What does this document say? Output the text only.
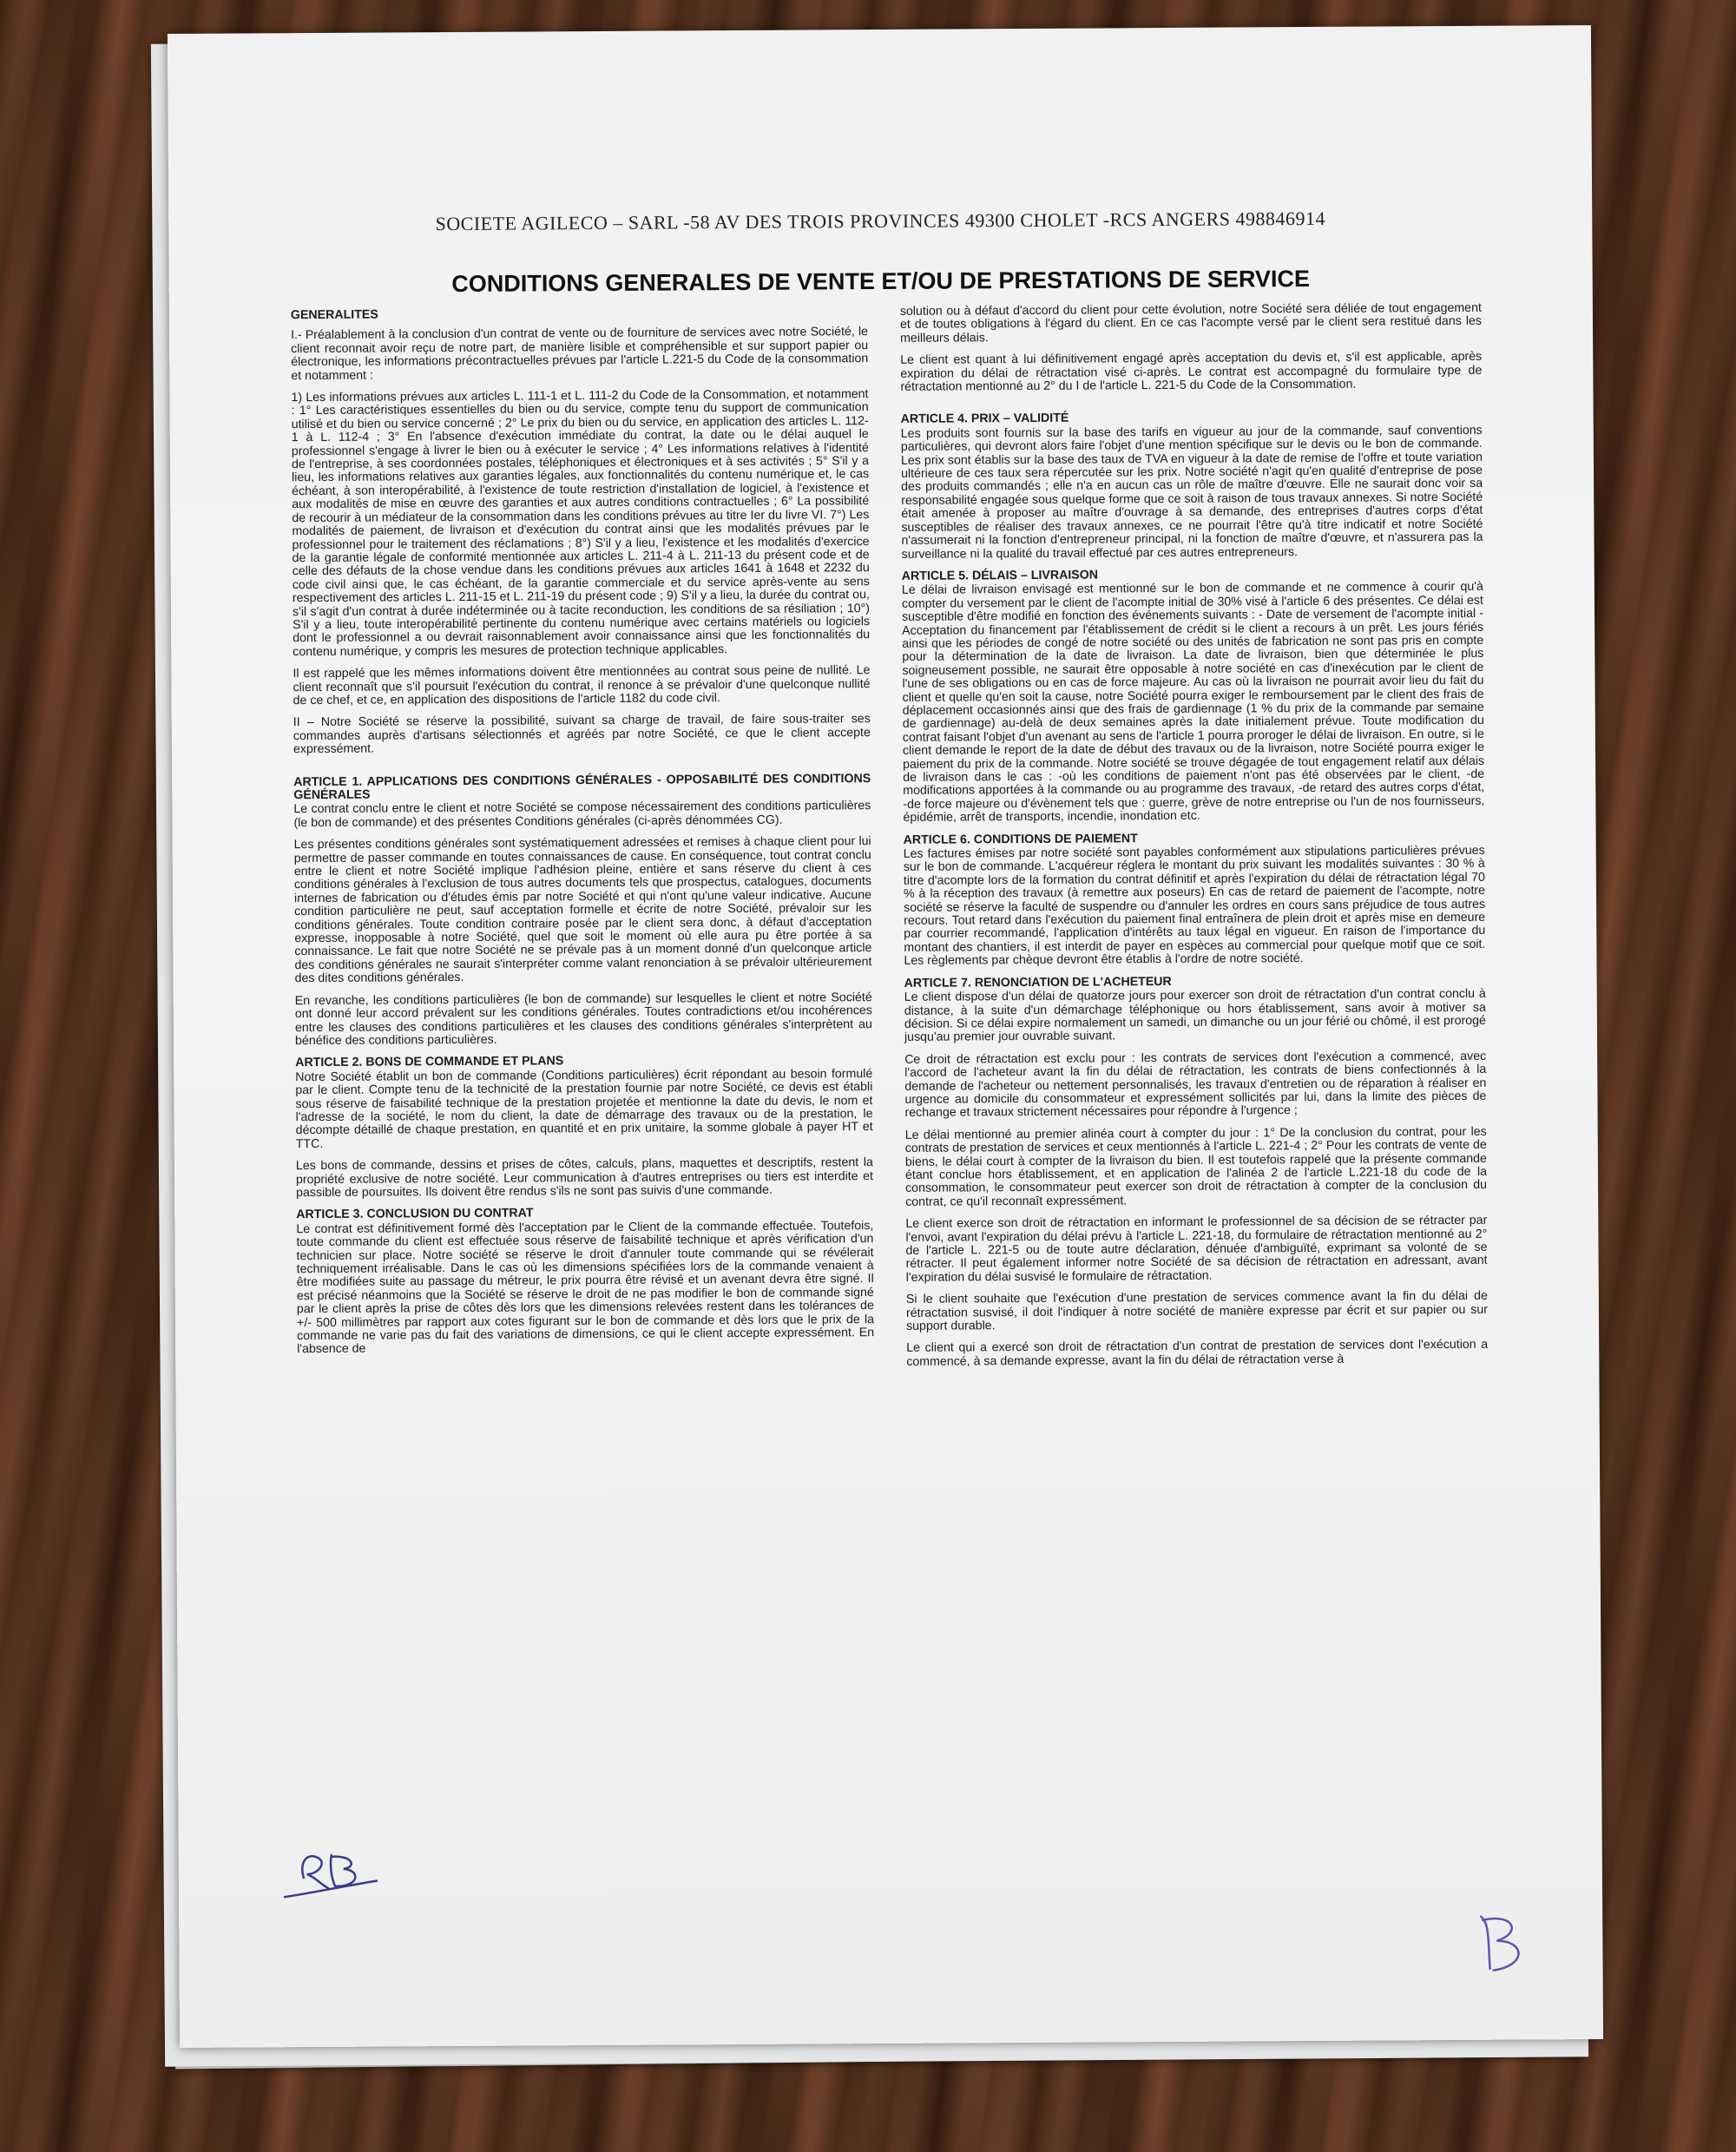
SOCIETE AGILECO – SARL -58 AV DES TROIS PROVINCES 49300 CHOLET -RCS ANGERS 498846914
CONDITIONS GENERALES DE VENTE ET/OU DE PRESTATIONS DE SERVICE
GENERALITES

I.- Préalablement à la conclusion d'un contrat de vente ou de fourniture de services avec notre Société, le client reconnait avoir reçu de notre part, de manière lisible et compréhensible et sur support papier ou électronique, les informations précontractuelles prévues par l'article L.221-5 du Code de la consommation et notamment :

1) Les informations prévues aux articles L. 111-1 et L. 111-2 du Code de la Consommation, et notamment : 1° Les caractéristiques essentielles du bien ou du service, compte tenu du support de communication utilisé et du bien ou service concerné ; 2° Le prix du bien ou du service, en application des articles L. 112-1 à L. 112-4 ; 3° En l'absence d'exécution immédiate du contrat, la date ou le délai auquel le professionnel s'engage à livrer le bien ou à exécuter le service ; 4° Les informations relatives à l'identité de l'entreprise, à ses coordonnées postales, téléphoniques et électroniques et à ses activités ; 5° S'il y a lieu, les informations relatives aux garanties légales, aux fonctionnalités du contenu numérique et, le cas échéant, à son interopérabilité, à l'existence de toute restriction d'installation de logiciel, à l'existence et aux modalités de mise en œuvre des garanties et aux autres conditions contractuelles ; 6° La possibilité de recourir à un médiateur de la consommation dans les conditions prévues au titre Ier du livre VI. 7°) Les modalités de paiement, de livraison et d'exécution du contrat ainsi que les modalités prévues par le professionnel pour le traitement des réclamations ; 8°) S'il y a lieu, l'existence et les modalités d'exercice de la garantie légale de conformité mentionnée aux articles L. 211-4 à L. 211-13 du présent code et de celle des défauts de la chose vendue dans les conditions prévues aux articles 1641 à 1648 et 2232 du code civil ainsi que, le cas échéant, de la garantie commerciale et du service après-vente au sens respectivement des articles L. 211-15 et L. 211-19 du présent code ; 9) S'il y a lieu, la durée du contrat ou, s'il s'agit d'un contrat à durée indéterminée ou à tacite reconduction, les conditions de sa résiliation ; 10°) S'il y a lieu, toute interopérabilité pertinente du contenu numérique avec certains matériels ou logiciels dont le professionnel a ou devrait raisonnablement avoir connaissance ainsi que les fonctionnalités du contenu numérique, y compris les mesures de protection technique applicables.

Il est rappelé que les mêmes informations doivent être mentionnées au contrat sous peine de nullité. Le client reconnaît que s'il poursuit l'exécution du contrat, il renonce à se prévaloir d'une quelconque nullité de ce chef, et ce, en application des dispositions de l'article 1182 du code civil.

II – Notre Société se réserve la possibilité, suivant sa charge de travail, de faire sous-traiter ses commandes auprès d'artisans sélectionnés et agréés par notre Société, ce que le client accepte expressément.

ARTICLE 1. APPLICATIONS DES CONDITIONS GÉNÉRALES - OPPOSABILITÉ DES CONDITIONS GÉNÉRALES

Le contrat conclu entre le client et notre Société se compose nécessairement des conditions particulières (le bon de commande) et des présentes Conditions générales (ci-après dénommées CG).

Les présentes conditions générales sont systématiquement adressées et remises à chaque client pour lui permettre de passer commande en toutes connaissances de cause. En conséquence, tout contrat conclu entre le client et notre Société implique l'adhésion pleine, entière et sans réserve du client à ces conditions générales à l'exclusion de tous autres documents tels que prospectus, catalogues, documents internes de fabrication ou d'études émis par notre Société et qui n'ont qu'une valeur indicative. Aucune condition particulière ne peut, sauf acceptation formelle et écrite de notre Société, prévaloir sur les conditions générales. Toute condition contraire posée par le client sera donc, à défaut d'acceptation expresse, inopposable à notre Société, quel que soit le moment où elle aura pu être portée à sa connaissance. Le fait que notre Société ne se prévale pas à un moment donné d'un quelconque article des conditions générales ne saurait s'interpréter comme valant renonciation à se prévaloir ultérieurement des dites conditions générales.

En revanche, les conditions particulières (le bon de commande) sur lesquelles le client et notre Société ont donné leur accord prévalent sur les conditions générales. Toutes contradictions et/ou incohérences entre les clauses des conditions particulières et les clauses des conditions générales s'interprètent au bénéfice des conditions particulières.

ARTICLE 2. BONS DE COMMANDE ET PLANS

Notre Société établit un bon de commande (Conditions particulières) écrit répondant au besoin formulé par le client. Compte tenu de la technicité de la prestation fournie par notre Société, ce devis est établi sous réserve de faisabilité technique de la prestation projetée et mentionne la date du devis, le nom et l'adresse de la société, le nom du client, la date de démarrage des travaux ou de la prestation, le décompte détaillé de chaque prestation, en quantité et en prix unitaire, la somme globale à payer HT et TTC.

Les bons de commande, dessins et prises de côtes, calculs, plans, maquettes et descriptifs, restent la propriété exclusive de notre société. Leur communication à d'autres entreprises ou tiers est interdite et passible de poursuites. Ils doivent être rendus s'ils ne sont pas suivis d'une commande.

ARTICLE 3. CONCLUSION DU CONTRAT

Le contrat est définitivement formé dès l'acceptation par le Client de la commande effectuée. Toutefois, toute commande du client est effectuée sous réserve de faisabilité technique et après vérification d'un technicien sur place. Notre société se réserve le droit d'annuler toute commande qui se révélerait techniquement irréalisable. Dans le cas où les dimensions spécifiées lors de la commande venaient à être modifiées suite au passage du métreur, le prix pourra être révisé et un avenant devra être signé. Il est précisé néanmoins que la Société se réserve le droit de ne pas modifier le bon de commande signé par le client après la prise de côtes dès lors que les dimensions relevées restent dans les tolérances de +/- 500 millimètres par rapport aux cotes figurant sur le bon de commande et dès lors que le prix de la commande ne varie pas du fait des variations de dimensions, ce qui le client accepte expressément. En l'absence de

solution ou à défaut d'accord du client pour cette évolution, notre Société sera déliée de tout engagement et de toutes obligations à l'égard du client. En ce cas l'acompte versé par le client sera restitué dans les meilleurs délais.

Le client est quant à lui définitivement engagé après acceptation du devis et, s'il est applicable, après expiration du délai de rétractation visé ci-après. Le contrat est accompagné du formulaire type de rétractation mentionné au 2° du I de l'article L. 221-5 du Code de la Consommation.

ARTICLE 4. PRIX – VALIDITÉ

Les produits sont fournis sur la base des tarifs en vigueur au jour de la commande, sauf conventions particulières, qui devront alors faire l'objet d'une mention spécifique sur le devis ou le bon de commande. Les prix sont établis sur la base des taux de TVA en vigueur à la date de remise de l'offre et toute variation ultérieure de ces taux sera répercutée sur les prix. Notre société n'agit qu'en qualité d'entreprise de pose des produits commandés ; elle n'a en aucun cas un rôle de maître d'œuvre. Elle ne saurait donc voir sa responsabilité engagée sous quelque forme que ce soit à raison de tous travaux annexes. Si notre Société était amenée à proposer au maître d'ouvrage à sa demande, des entreprises d'autres corps d'état susceptibles de réaliser des travaux annexes, ce ne pourrait l'être qu'à titre indicatif et notre Société n'assumerait ni la fonction d'entrepreneur principal, ni la fonction de maître d'œuvre, et n'assurera pas la surveillance ni la qualité du travail effectué par ces autres entrepreneurs.

ARTICLE 5. DÉLAIS – LIVRAISON

Le délai de livraison envisagé est mentionné sur le bon de commande et ne commence à courir qu'à compter du versement par le client de l'acompte initial de 30% visé à l'article 6 des présentes. Ce délai est susceptible d'être modifié en fonction des événements suivants : - Date de versement de l'acompte initial - Acceptation du financement par l'établissement de crédit si le client a recours à un prêt. Les jours fériés ainsi que les périodes de congé de notre société ou des unités de fabrication ne sont pas pris en compte pour la détermination de la date de livraison. La date de livraison, bien que déterminée le plus soigneusement possible, ne saurait être opposable à notre société en cas d'inexécution par le client de l'une de ses obligations ou en cas de force majeure. Au cas où la livraison ne pourrait avoir lieu du fait du client et quelle qu'en soit la cause, notre Société pourra exiger le remboursement par le client des frais de déplacement occasionnés ainsi que des frais de gardiennage (1 % du prix de la commande par semaine de gardiennage) au-delà de deux semaines après la date initialement prévue. Toute modification du contrat faisant l'objet d'un avenant au sens de l'article 1 pourra proroger le délai de livraison. En outre, si le client demande le report de la date de début des travaux ou de la livraison, notre Société pourra exiger le paiement du prix de la commande. Notre société se trouve dégagée de tout engagement relatif aux délais de livraison dans le cas : -où les conditions de paiement n'ont pas été observées par le client, -de modifications apportées à la commande ou au programme des travaux, -de retard des autres corps d'état, -de force majeure ou d'évènement tels que : guerre, grève de notre entreprise ou l'un de nos fournisseurs, épidémie, arrêt de transports, incendie, inondation etc.

ARTICLE 6. CONDITIONS DE PAIEMENT

Les factures émises par notre société sont payables conformément aux stipulations particulières prévues sur le bon de commande. L'acquéreur réglera le montant du prix suivant les modalités suivantes : 30 % à titre d'acompte lors de la formation du contrat définitif et après l'expiration du délai de rétractation légal 70 % à la réception des travaux (à remettre aux poseurs) En cas de retard de paiement de l'acompte, notre société se réserve la faculté de suspendre ou d'annuler les ordres en cours sans préjudice de tous autres recours. Tout retard dans l'exécution du paiement final entraînera de plein droit et après mise en demeure par courrier recommandé, l'application d'intérêts au taux légal en vigueur. En raison de l'importance du montant des chantiers, il est interdit de payer en espèces au commercial pour quelque motif que ce soit. Les règlements par chèque devront être établis à l'ordre de notre société.

ARTICLE 7. RENONCIATION DE L'ACHETEUR

Le client dispose d'un délai de quatorze jours pour exercer son droit de rétractation d'un contrat conclu à distance, à la suite d'un démarchage téléphonique ou hors établissement, sans avoir à motiver sa décision. Si ce délai expire normalement un samedi, un dimanche ou un jour férié ou chômé, il est prorogé jusqu'au premier jour ouvrable suivant.

Ce droit de rétractation est exclu pour : les contrats de services dont l'exécution a commencé, avec l'accord de l'acheteur avant la fin du délai de rétractation, les contrats de biens confectionnés à la demande de l'acheteur ou nettement personnalisés, les travaux d'entretien ou de réparation à réaliser en urgence au domicile du consommateur et expressément sollicités par lui, dans la limite des pièces de rechange et travaux strictement nécessaires pour répondre à l'urgence ;

Le délai mentionné au premier alinéa court à compter du jour : 1° De la conclusion du contrat, pour les contrats de prestation de services et ceux mentionnés à l'article L. 221-4 ; 2° Pour les contrats de vente de biens, le délai court à compter de la livraison du bien. Il est toutefois rappelé que la présente commande étant conclue hors établissement, et en application de l'alinéa 2 de l'article L.221-18 du code de la consommation, le consommateur peut exercer son droit de rétractation à compter de la conclusion du contrat, ce qu'il reconnaît expressément.

Le client exerce son droit de rétractation en informant le professionnel de sa décision de se rétracter par l'envoi, avant l'expiration du délai prévu à l'article L. 221-18, du formulaire de rétractation mentionné au 2° de l'article L. 221-5 ou de toute autre déclaration, dénuée d'ambiguïté, exprimant sa volonté de se rétracter. Il peut également informer notre Société de sa décision de rétractation en adressant, avant l'expiration du délai susvisé le formulaire de rétractation.

Si le client souhaite que l'exécution d'une prestation de services commence avant la fin du délai de rétractation susvisé, il doit l'indiquer à notre société de manière expresse par écrit et sur papier ou sur support durable.

Le client qui a exercé son droit de rétractation d'un contrat de prestation de services dont l'exécution a commencé, à sa demande expresse, avant la fin du délai de rétractation verse à
